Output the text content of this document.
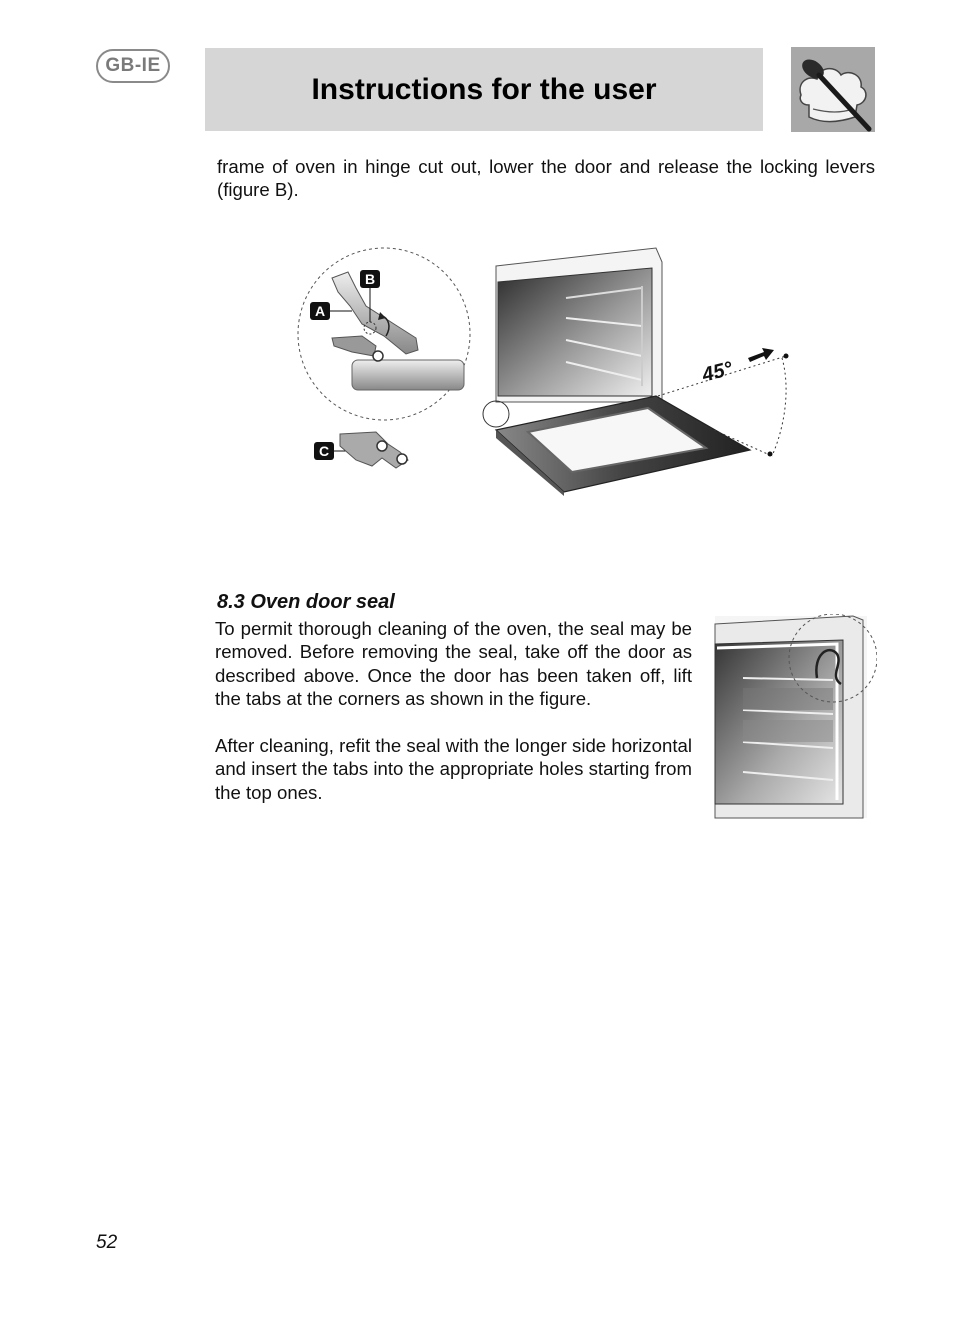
GB-IE
Instructions for the user

frame of oven in hinge cut out, lower the door and release the locking levers (figure B).

B
A
C
45°
8.3 Oven door seal

To permit thorough cleaning of the oven, the seal may be removed. Before removing the seal, take off the door as described above. Once the door has been taken off, lift the tabs at the corners as shown in the figure.

After cleaning, refit the seal with the longer side horizontal and insert the tabs into the appropriate holes starting from the top ones.

52
